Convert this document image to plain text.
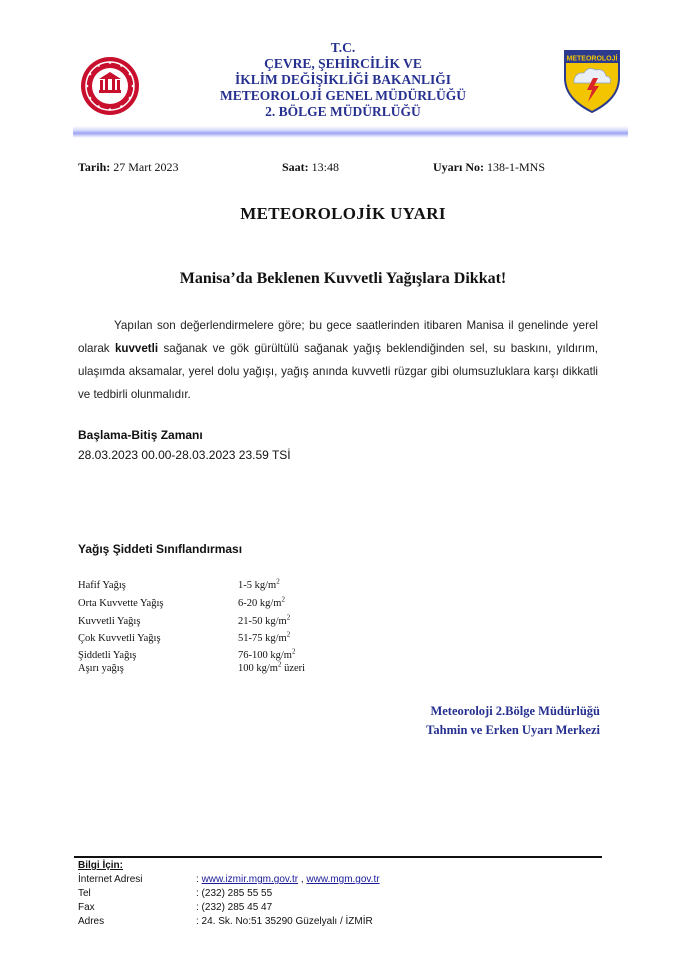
T.C.
ÇEVRE, ŞEHİRCİLİK VE
İKLİM DEĞİŞİKLİĞİ BAKANLIĞI
METEOROLOJİ GENEL MÜDÜRLÜĞÜ
2. BÖLGE MÜDÜRLÜĞÜ
METEOROLOJİ
Tarih: 27 Mart 2023	Saat: 13:48	Uyarı No: 138-1-MNS
METEOROLOJİK UYARI
Manisa’da Beklenen Kuvvetli Yağışlara Dikkat!
Yapılan son değerlendirmelere göre; bu gece saatlerinden itibaren Manisa il genelinde yerel olarak kuvvetli sağanak ve gök gürültülü sağanak yağış beklendiğinden sel, su baskını, yıldırım, ulaşımda aksamalar, yerel dolu yağışı, yağış anında kuvvetli rüzgar gibi olumsuzluklara karşı dikkatli ve tedbirli olunmalıdır.
Başlama-Bitiş Zamanı
28.03.2023 00.00-28.03.2023 23.59 TSİ
Yağış Şiddeti Sınıflandırması
Hafif Yağış	1-5 $kg/m^2$
Orta Kuvvette Yağış	6-20 $kg/m^2$
Kuvvetli Yağış	21-50 $kg/m^2$
Çok Kuvvetli Yağış	51-75 $kg/m^2$
Şiddetli Yağış	76-100 $kg/m^2$
Aşırı yağış	100 $kg/m^2$ üzeri
Meteoroloji 2.Bölge Müdürlüğü
Tahmin ve Erken Uyarı Merkezi
Bilgi İçin:
İnternet Adresi	: www.izmir.mgm.gov.tr , www.mgm.gov.tr
Tel	: (232) 285 55 55
Fax	: (232) 285 45 47
Adres	: 24. Sk. No:51 35290 Güzelyalı / İZMİR
